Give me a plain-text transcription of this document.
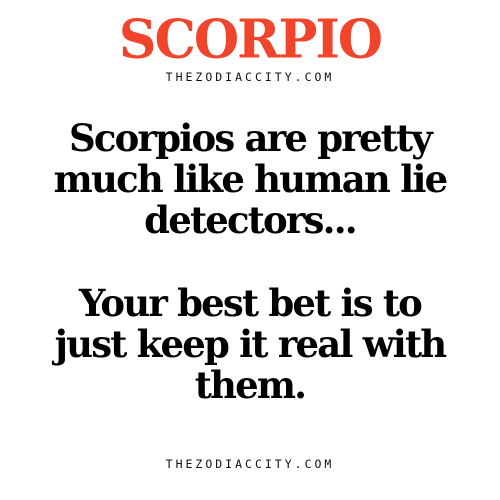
SCORPIO
THEZODIACCITY.COM
Scorpios are pretty
much like human lie
detectors...
Your best bet is to
just keep it real with
them.
THEZODIACCITY.COM
